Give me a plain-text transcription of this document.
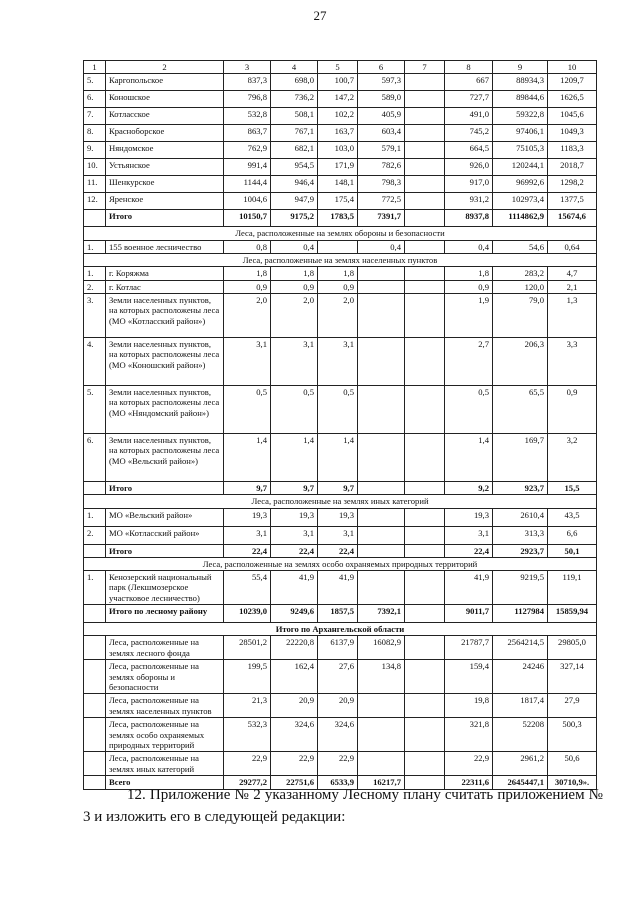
27
1	2	3	4	5	6	7	8	9	10
5.	Каргопольское	837,3	698,0	100,7	597,3		667	88934,3	1209,7
6.	Коношское	796,8	736,2	147,2	589,0		727,7	89844,6	1626,5
7.	Котласское	532,8	508,1	102,2	405,9		491,0	59322,8	1045,6
8.	Красноборское	863,7	767,1	163,7	603,4		745,2	97406,1	1049,3
9.	Няндомское	762,9	682,1	103,0	579,1		664,5	75105,3	1183,3
10.	Устьянское	991,4	954,5	171,9	782,6		926,0	120244,1	2018,7
11.	Шенкурское	1144,4	946,4	148,1	798,3		917,0	96992,6	1298,2
12.	Яренское	1004,6	947,9	175,4	772,5		931,2	102973,4	1377,5
	Итого	10150,7	9175,2	1783,5	7391,7		8937,8	1114862,9	15674,6
Леса, расположенные на землях обороны и безопасности									
1.	155 военное лесничество	0,8	0,4		0,4		0,4	54,6	0,64
Леса, расположенные на землях населенных пунктов									
1.	г. Коряжма	1,8	1,8	1,8			1,8	283,2	4,7
2.	г. Котлас	0,9	0,9	0,9			0,9	120,0	2,1
3.	Земли населенных пунктов, на которых расположены леса (МО «Котласский район»)	2,0	2,0	2,0			1,9	79,0	1,3
4.	Земли населенных пунктов, на которых расположены леса (МО «Коношский район»)	3,1	3,1	3,1			2,7	206,3	3,3
5.	Земли населенных пунктов, на которых расположены леса (МО «Няндомский район»)	0,5	0,5	0,5			0,5	65,5	0,9
6.	Земли населенных пунктов, на которых расположены леса (МО «Вельский район»)	1,4	1,4	1,4			1,4	169,7	3,2
	Итого	9,7	9,7	9,7			9,2	923,7	15,5
Леса, расположенные на землях иных категорий									
1.	МО «Вельский район»	19,3	19,3	19,3			19,3	2610,4	43,5
2.	МО «Котласский район»	3,1	3,1	3,1			3,1	313,3	6,6
	Итого	22,4	22,4	22,4			22,4	2923,7	50,1
Леса, расположенные на землях особо охраняемых природных территорий									
1.	Кенозерский национальный парк (Лекшмозерское участковое лесничество)	55,4	41,9	41,9			41,9	9219,5	119,1
	Итого по лесному району	10239,0	9249,6	1857,5	7392,1		9011,7	1127984	15859,94
Итого по Архангельской области									
	Леса, расположенные на землях лесного фонда	28501,2	22220,8	6137,9	16082,9		21787,7	2564214,5	29805,0
	Леса, расположенные на землях обороны и безопасности	199,5	162,4	27,6	134,8		159,4	24246	327,14
	Леса, расположенные на землях населенных пунктов	21,3	20,9	20,9			19,8	1817,4	27,9
	Леса, расположенные на землях особо охраняемых природных территорий	532,3	324,6	324,6			321,8	52208	500,3
	Леса, расположенные на землях иных категорий	22,9	22,9	22,9			22,9	2961,2	50,6
	Всего	29277,2	22751,6	6533,9	16217,7		22311,6	2645447,1	30710,9».
12. Приложение № 2 указанному Лесному плану считать приложением № 3 и изложить его в следующей редакции:
